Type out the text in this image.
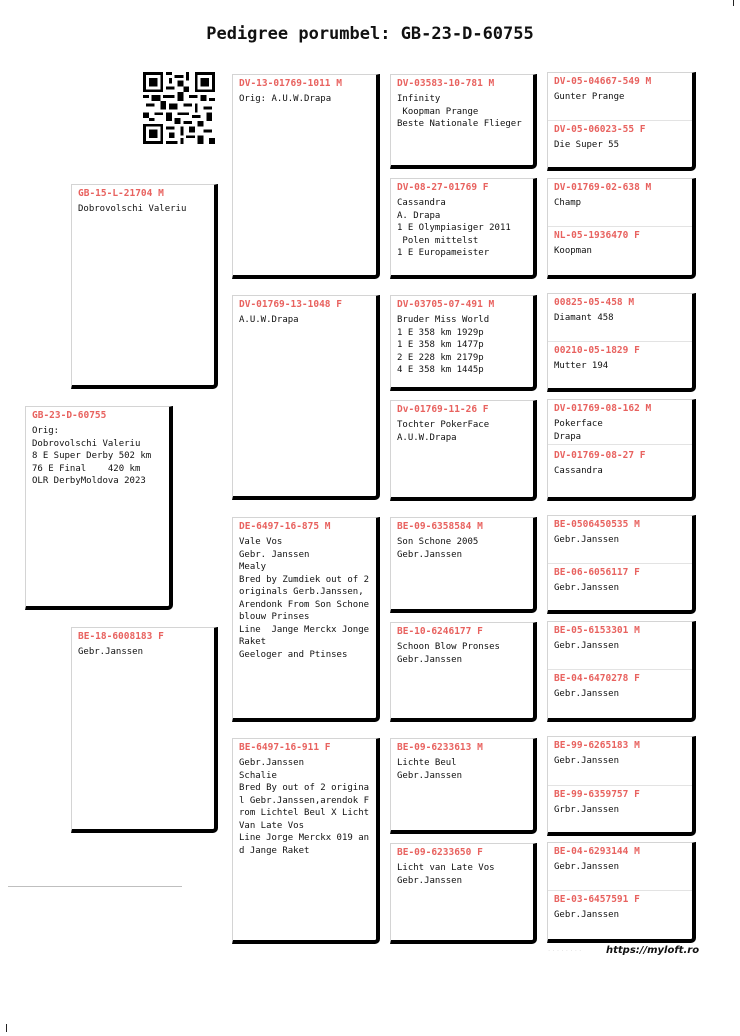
Pedigree porumbel: GB-23-D-60755
GB-23-D-60755
Orig:
Dobrovolschi Valeriu
8 E Super Derby 502 km
76 E Final    420 km
OLR DerbyMoldova 2023
GB-15-L-21704 M
Dobrovolschi Valeriu
BE-18-6008183 F
Gebr.Janssen
DV-13-01769-1011 M
Orig: A.U.W.Drapa
DV-01769-13-1048 F
A.U.W.Drapa
DE-6497-16-875 M
Vale Vos
Gebr. Janssen
Mealy
Bred by Zumdiek out of 2 originals Gerb.Janssen, Arendonk From Son Schone blouw Prinses
Line  Jange Merckx Jonge Raket
Geeloger and Ptinses
BE-6497-16-911 F
Gebr.Janssen
Schalie
Bred By out of 2 original Gebr.Janssen,arendok From Lichtel Beul X Licht Van Late Vos
Line Jorge Merckx 019 and Jange Raket
DV-03583-10-781 M
Infinity
Koopman Prange
Beste Nationale Flieger
DV-08-27-01769 F
Cassandra
A. Drapa
1 E Olympiasiger 2011
Polen mittelst
1 E Europameister
DV-03705-07-491 M
Bruder Miss World
1 E 358 km 1929p
1 E 358 km 1477p
2 E 228 km 2179p
4 E 358 km 1445p
Dv-01769-11-26 F
Tochter PokerFace
A.U.W.Drapa
BE-09-6358584 M
Son Schone 2005
Gebr.Janssen
BE-10-6246177 F
Schoon Blow Pronses
Gebr.Janssen
BE-09-6233613 M
Lichte Beul
Gebr.Janssen
BE-09-6233650 F
Licht van Late Vos
Gebr.Janssen
DV-05-04667-549 M
Gunter Prange
DV-05-06023-55 F
Die Super 55
DV-01769-02-638 M
Champ
NL-05-1936470 F
Koopman
00825-05-458 M
Diamant 458
00210-05-1829 F
Mutter 194
DV-01769-08-162 M
Pokerface
Drapa
DV-01769-08-27 F
Cassandra
BE-0506450535 M
Gebr.Janssen
BE-06-6056117 F
Gebr.Janssen
BE-05-6153301 M
Gebr.Janssen
BE-04-6470278 F
Gebr.Janssen
BE-99-6265183 M
Gebr.Janssen
BE-99-6359757 F
Grbr.Janssen
BE-04-6293144 M
Gebr.Janssen
BE-03-6457591 F
Gebr.Janssen
· · · · · · · · https://myloft.ro
